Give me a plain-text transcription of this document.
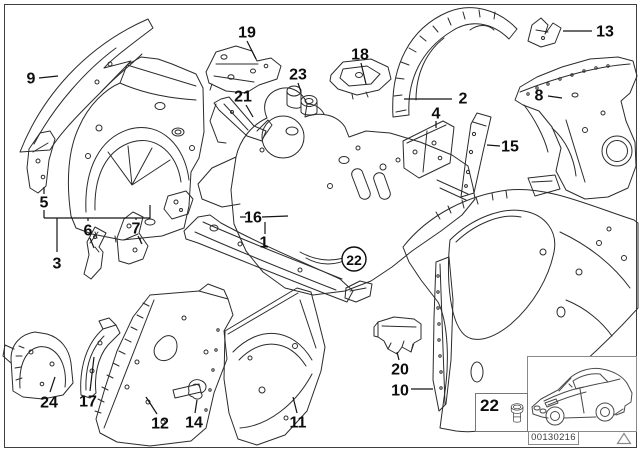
9
5
3
6 7
19
21
23
18
16
1
2
4
15
13
8
22
24 17
12 14	11
20
10
22
00130216
